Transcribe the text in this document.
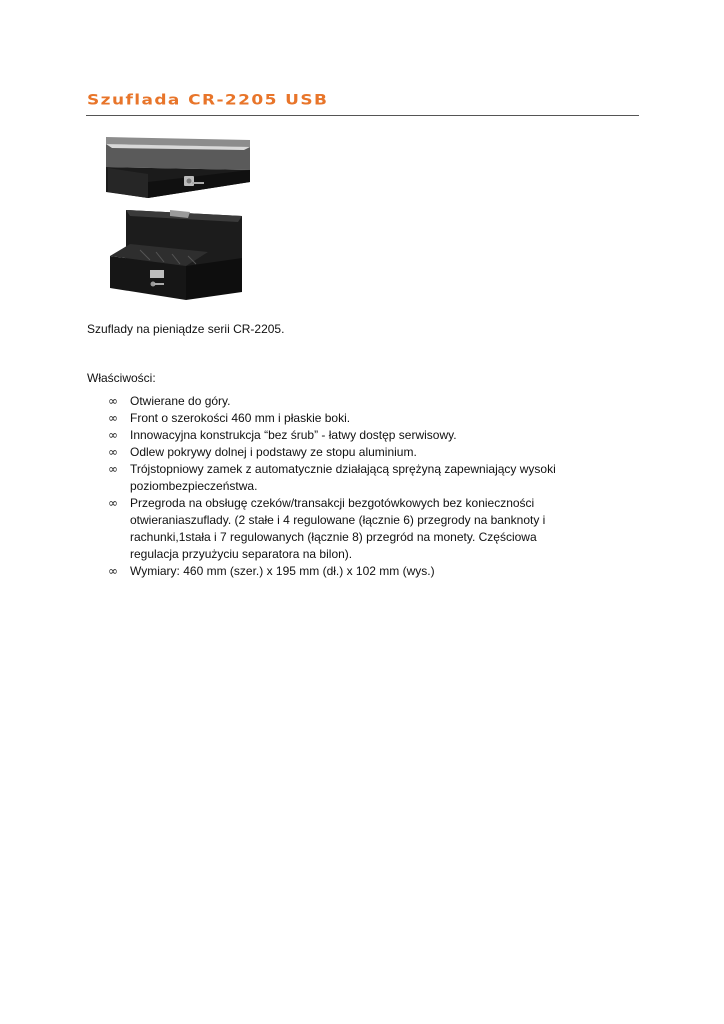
Szuflada CR-2205 USB
Szuflady na pieniądze serii CR-2205.
Właściwości:
∞	Otwierane do góry.
∞	Front o szerokości 460 mm i płaskie boki.
∞	Innowacyjna konstrukcja “bez śrub” - łatwy dostęp serwisowy.
∞	Odlew pokrywy dolnej i podstawy ze stopu aluminium.
∞	Trójstopniowy zamek z automatycznie działającą sprężyną zapewniający wysoki poziombezpieczeństwa.
∞	Przegroda na obsługę czeków/transakcji bezgotówkowych bez konieczności otwieraniaszuflady. (2 stałe i 4 regulowane (łącznie 6) przegrody na banknoty i rachunki,1stała i 7 regulowanych (łącznie 8) przegród na monety. Częściowa regulacja przyużyciu separatora na bilon).
∞	Wymiary: 460 mm (szer.) x 195 mm (dł.) x 102 mm (wys.)
